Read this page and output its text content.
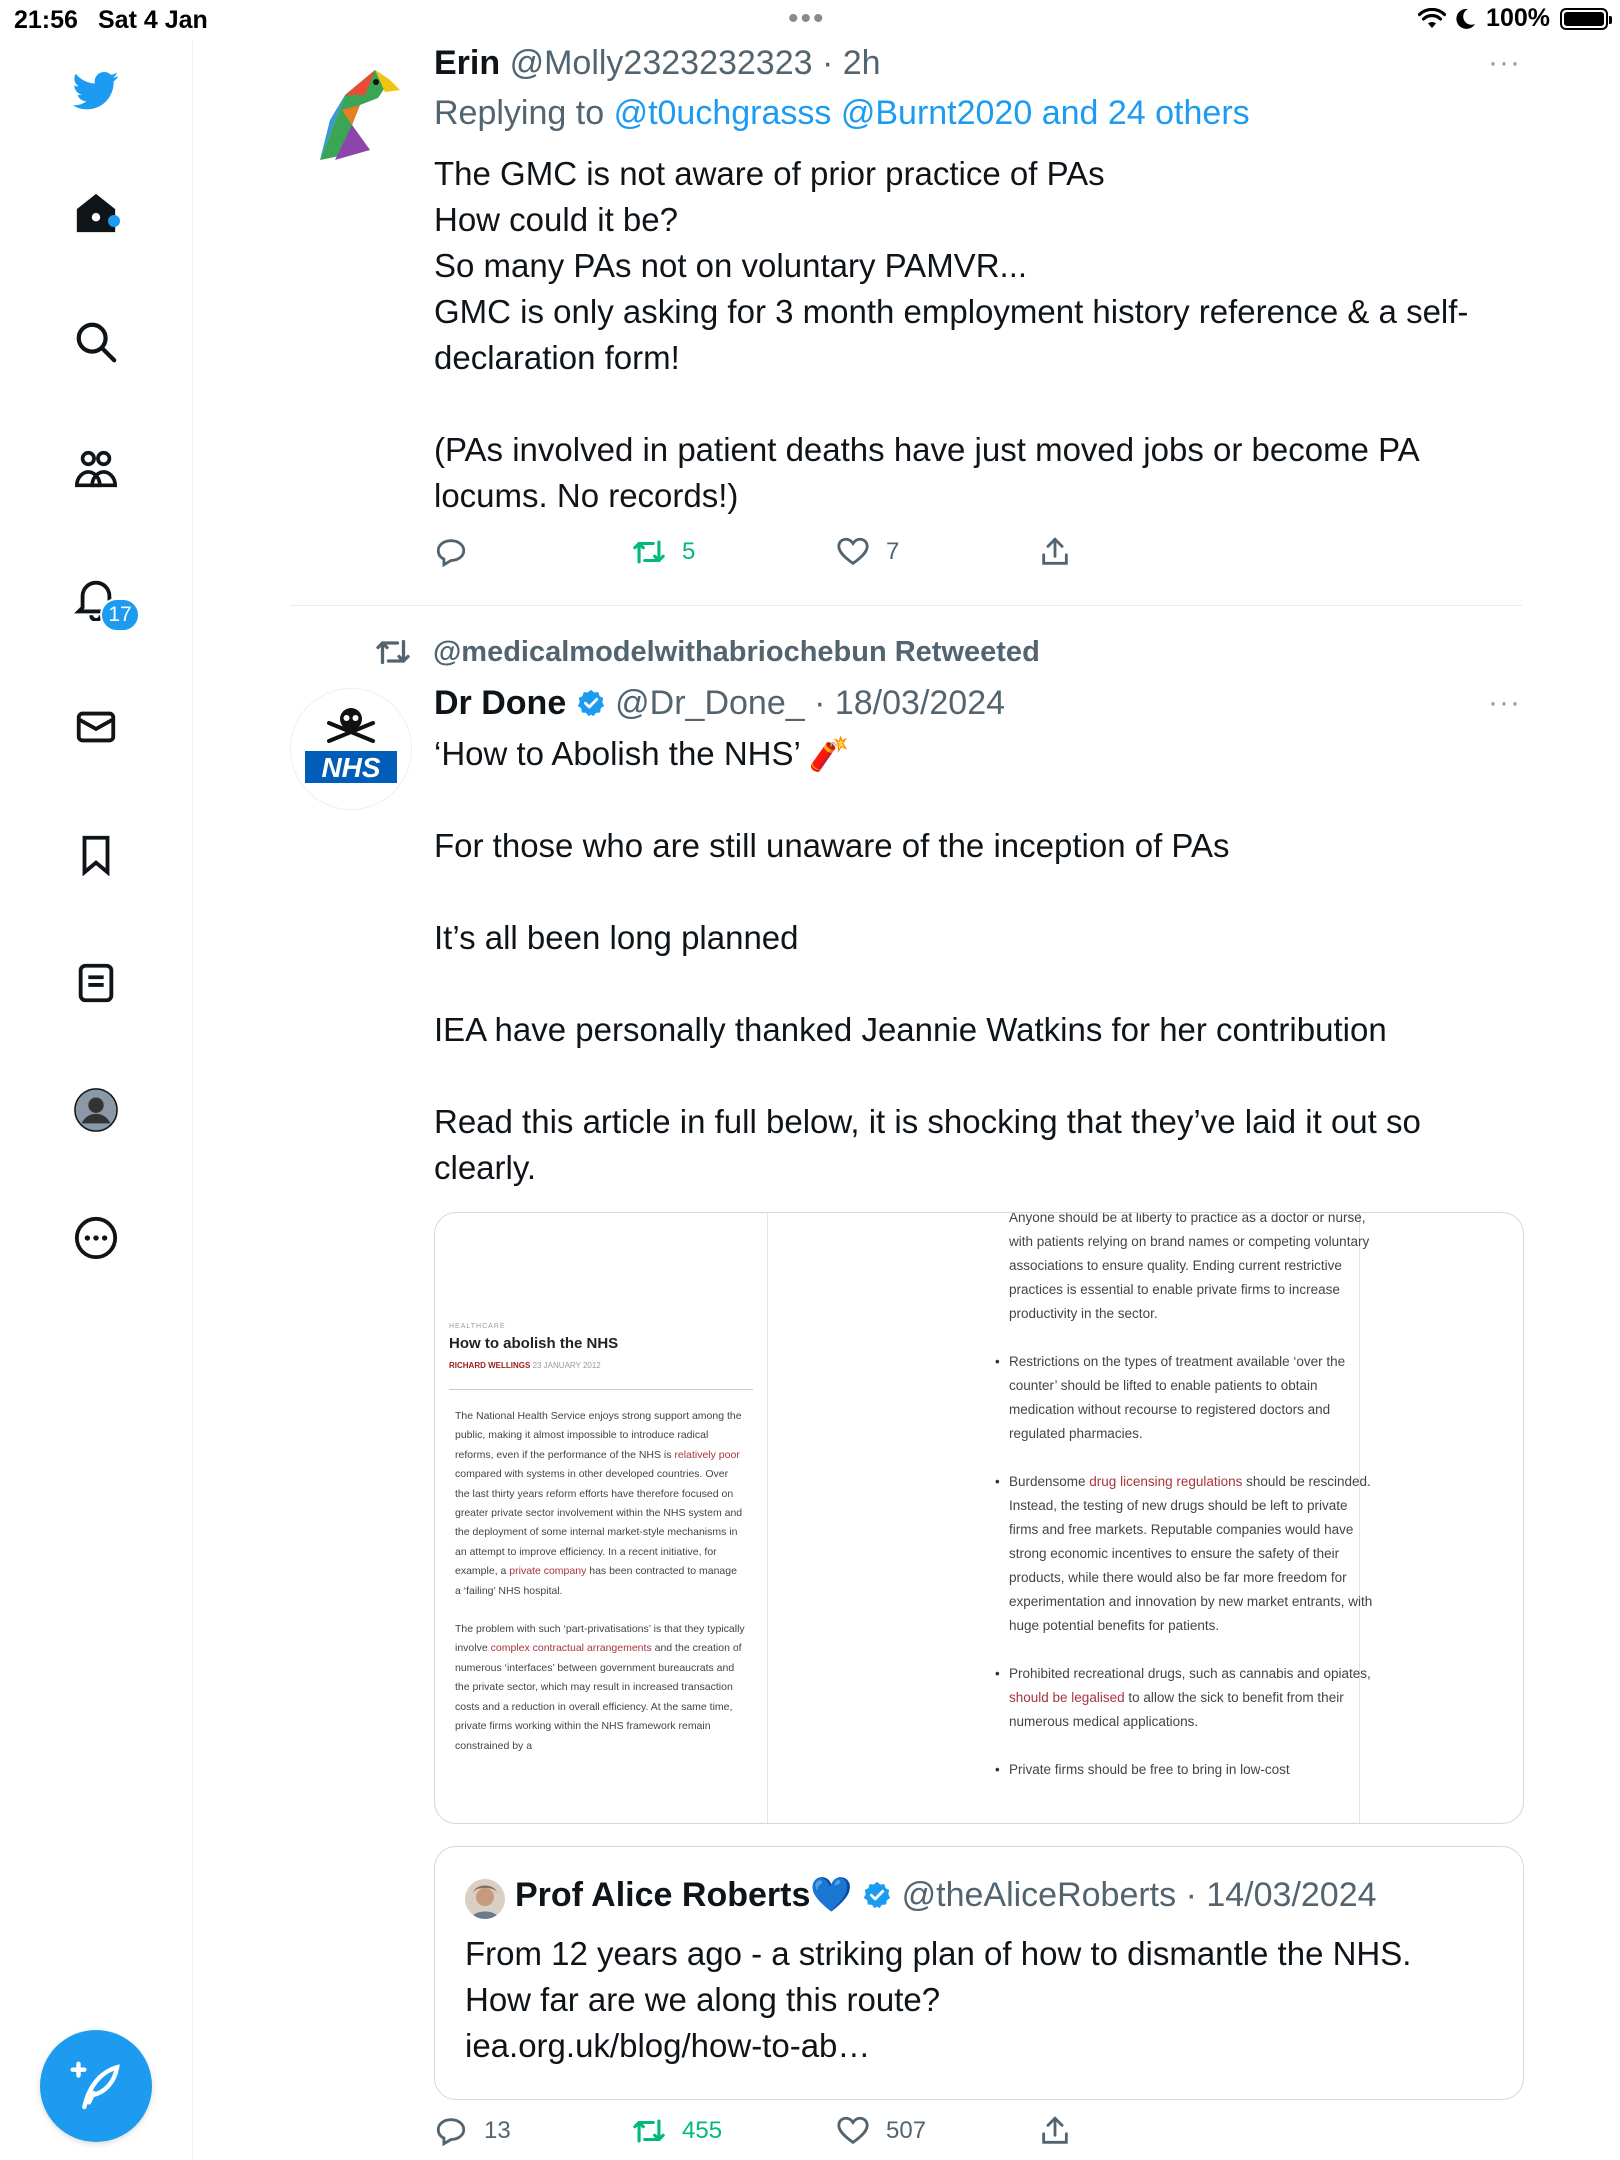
21:56 Sat 4 Jan	•••	100%
17
Erin @Molly2323232323 · 2h	···
Replying to @t0uchgrasss @Burnt2020 and 24 others

The GMC is not aware of prior practice of PAs

How could it be?

So many PAs not on voluntary PAMVR...

GMC is only asking for 3 month employment history reference & a self-declaration form!

(PAs involved in patient deaths have just moved jobs or become PA locums. No records!)

5	7
@medicalmodelwithabriochebun Retweeted
NHS
Dr Done @Dr_Done_ · 18/03/2024	···

‘How to Abolish the NHS’ 🧨

For those who are still unaware of the inception of PAs

It’s all been long planned

IEA have personally thanked Jeannie Watkins for her contribution

Read this article in full below, it is shocking that they’ve laid it out so clearly.

HEALTHCARE
How to abolish the NHS
RICHARD WELLINGS 23 JANUARY 2012

The National Health Service enjoys strong support among the public, making it almost impossible to introduce radical reforms, even if the performance of the NHS is relatively poor compared with systems in other developed countries. Over the last thirty years reform efforts have therefore focused on greater private sector involvement within the NHS system and the deployment of some internal market-style mechanisms in an attempt to improve efficiency. In a recent initiative, for example, a private company has been contracted to manage a ‘failing’ NHS hospital.

The problem with such ‘part-privatisations’ is that they typically involve complex contractual arrangements and the creation of numerous ‘interfaces’ between government bureaucrats and the private sector, which may result in increased transaction costs and a reduction in overall efficiency. At the same time, private firms working within the NHS framework remain constrained by a

Anyone should be at liberty to practice as a doctor or nurse, with patients relying on brand names or competing voluntary associations to ensure quality. Ending current restrictive practices is essential to enable private firms to increase productivity in the sector.

• Restrictions on the types of treatment available ‘over the counter’ should be lifted to enable patients to obtain medication without recourse to registered doctors and regulated pharmacies.
• Burdensome drug licensing regulations should be rescinded. Instead, the testing of new drugs should be left to private firms and free markets. Reputable companies would have strong economic incentives to ensure the safety of their products, while there would also be far more freedom for experimentation and innovation by new market entrants, with huge potential benefits for patients.
• Prohibited recreational drugs, such as cannabis and opiates, should be legalised to allow the sick to benefit from their numerous medical applications.
• Private firms should be free to bring in low-cost
Prof Alice Roberts💙 @theAliceRoberts · 14/03/2024

From 12 years ago - a striking plan of how to dismantle the NHS.

How far are we along this route?

iea.org.uk/blog/how-to-ab…

13	455	507
